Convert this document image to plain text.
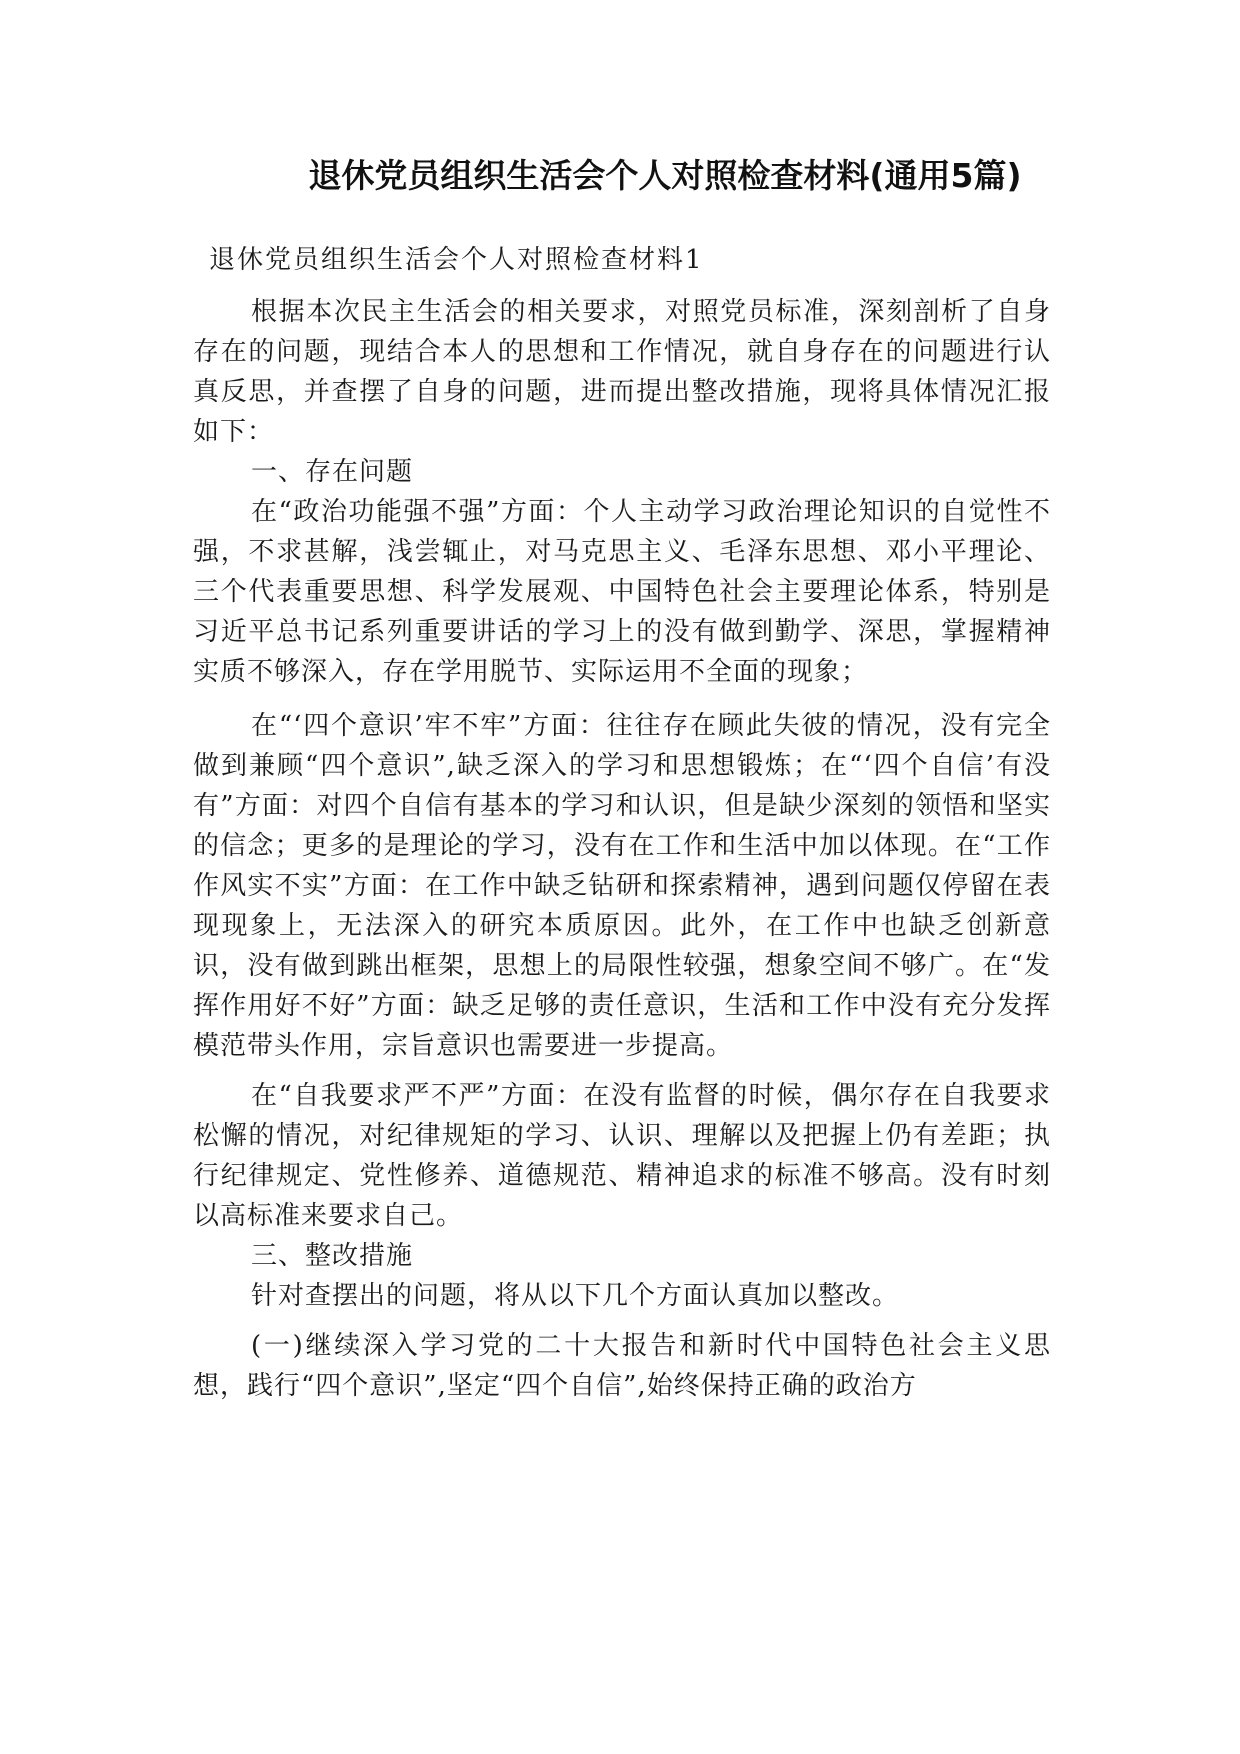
退休党员组织生活会个人对照检查材料(通用5篇)

退休党员组织生活会个人对照检查材料1

根据本次民主生活会的相关要求，对照党员标准，深刻剖析了自身存在的问题，现结合本人的思想和工作情况，就自身存在的问题进行认真反思，并查摆了自身的问题，进而提出整改措施，现将具体情况汇报如下：

一、存在问题

在“政治功能强不强”方面：个人主动学习政治理论知识的自觉性不强，不求甚解，浅尝辄止，对马克思主义、毛泽东思想、邓小平理论、三个代表重要思想、科学发展观、中国特色社会主要理论体系，特别是习近平总书记系列重要讲话的学习上的没有做到勤学、深思，掌握精神实质不够深入，存在学用脱节、实际运用不全面的现象；

在“‘四个意识’牢不牢”方面：往往存在顾此失彼的情况，没有完全做到兼顾“四个意识”,缺乏深入的学习和思想锻炼；在“‘四个自信’有没有”方面：对四个自信有基本的学习和认识，但是缺少深刻的领悟和坚实的信念；更多的是理论的学习，没有在工作和生活中加以体现。在“工作作风实不实”方面：在工作中缺乏钻研和探索精神，遇到问题仅停留在表现现象上，无法深入的研究本质原因。此外，在工作中也缺乏创新意识，没有做到跳出框架，思想上的局限性较强，想象空间不够广。在“发挥作用好不好”方面：缺乏足够的责任意识，生活和工作中没有充分发挥模范带头作用，宗旨意识也需要进一步提高。

在“自我要求严不严”方面：在没有监督的时候，偶尔存在自我要求松懈的情况，对纪律规矩的学习、认识、理解以及把握上仍有差距；执行纪律规定、党性修养、道德规范、精神追求的标准不够高。没有时刻以高标准来要求自己。

三、整改措施

针对查摆出的问题，将从以下几个方面认真加以整改。

(一)继续深入学习党的二十大报告和新时代中国特色社会主义思想，践行“四个意识”,坚定“四个自信”,始终保持正确的政治方
